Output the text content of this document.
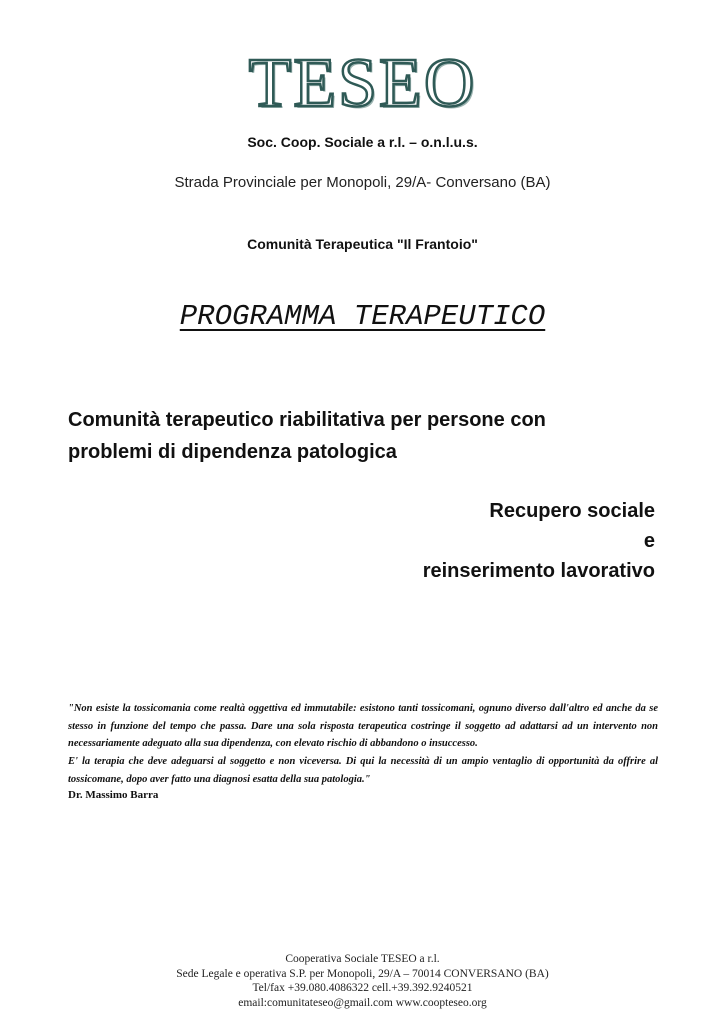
TESEO
Soc. Coop. Sociale a r.l. – o.n.l.u.s.
Strada Provinciale per Monopoli, 29/A- Conversano (BA)
Comunità Terapeutica "Il Frantoio"
PROGRAMMA TERAPEUTICO
Comunità terapeutico riabilitativa per persone con
problemi di dipendenza patologica
Recupero sociale
e
reinserimento lavorativo

"Non esiste la tossicomania come realtà oggettiva ed immutabile: esistono tanti tossicomani, ognuno diverso dall'altro ed anche da se stesso in funzione del tempo che passa. Dare una sola risposta terapeutica costringe il soggetto ad adattarsi ad un intervento non necessariamente adeguato alla sua dipendenza, con elevato rischio di abbandono o insuccesso.

E' la terapia che deve adeguarsi al soggetto e non viceversa. Di qui la necessità di un ampio ventaglio di opportunità da offrire al tossicomane, dopo aver fatto una diagnosi esatta della sua patologia."

Dr. Massimo Barra
Cooperativa Sociale TESEO a r.l.
Sede Legale e operativa S.P. per Monopoli, 29/A – 70014 CONVERSANO (BA)
Tel/fax +39.080.4086322 cell.+39.392.9240521
email:comunitateseo@gmail.com www.coopteseo.org
